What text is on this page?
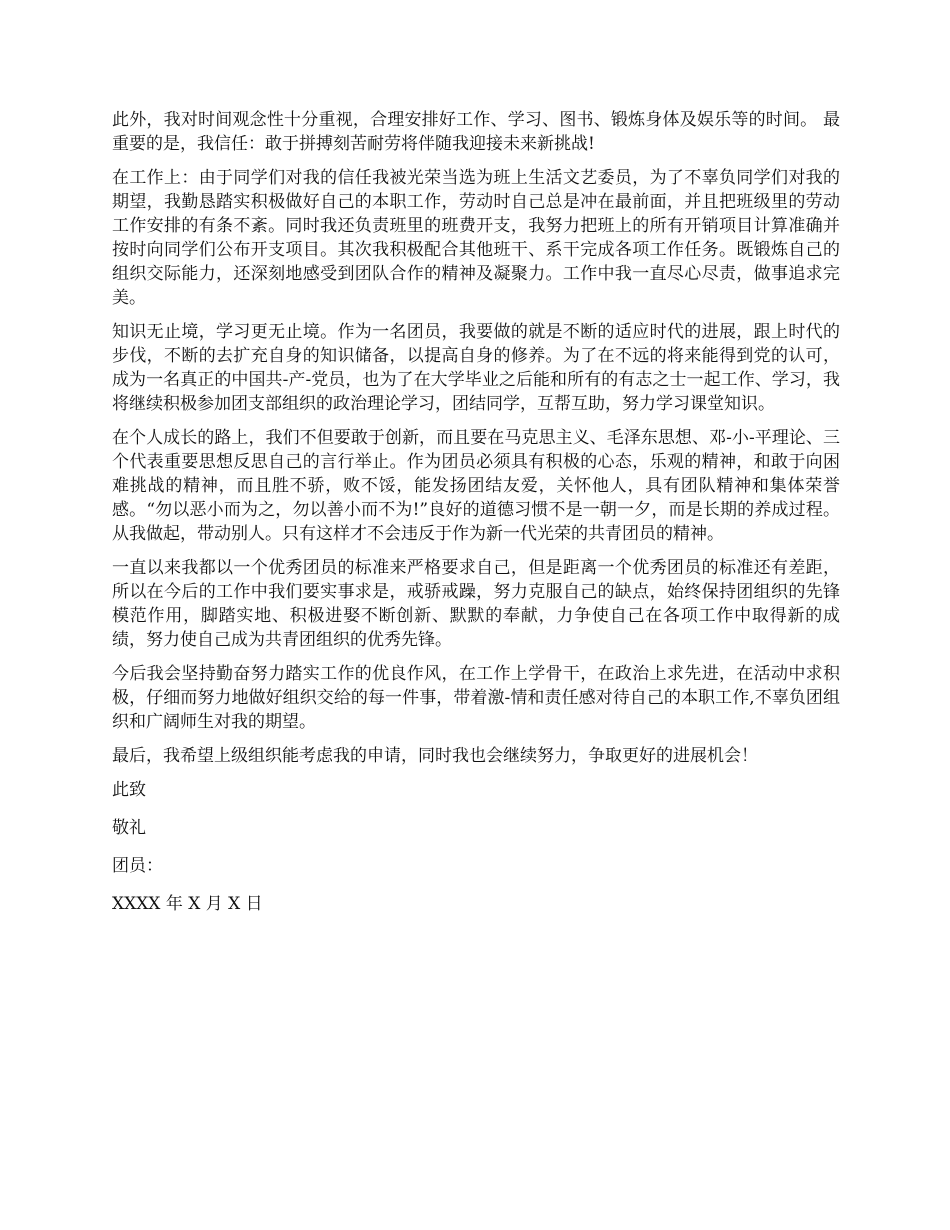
此外，我对时间观念性十分重视，合理安排好工作、学习、图书、锻炼身体及娱乐等的时间。 最重要的是，我信任：敢于拼搏刻苦耐劳将伴随我迎接未来新挑战!

在工作上：由于同学们对我的信任我被光荣当选为班上生活文艺委员，为了不辜负同学们对我的期望，我勤恳踏实积极做好自己的本职工作，劳动时自己总是冲在最前面，并且把班级里的劳动工作安排的有条不紊。同时我还负责班里的班费开支，我努力把班上的所有开销项目计算准确并按时向同学们公布开支项目。其次我积极配合其他班干、系干完成各项工作任务。既锻炼自己的组织交际能力，还深刻地感受到团队合作的精神及凝聚力。工作中我一直尽心尽责，做事追求完美。

知识无止境，学习更无止境。作为一名团员，我要做的就是不断的适应时代的进展，跟上时代的步伐，不断的去扩充自身的知识储备，以提高自身的修养。为了在不远的将来能得到党的认可，成为一名真正的中国共-产-党员，也为了在大学毕业之后能和所有的有志之士一起工作、学习，我将继续积极参加团支部组织的政治理论学习，团结同学，互帮互助，努力学习课堂知识。

在个人成长的路上，我们不但要敢于创新，而且要在马克思主义、毛泽东思想、邓-小-平理论、三个代表重要思想反思自己的言行举止。作为团员必须具有积极的心态，乐观的精神，和敢于向困难挑战的精神，而且胜不骄，败不馁，能发扬团结友爱，关怀他人，具有团队精神和集体荣誉感。“勿以恶小而为之，勿以善小而不为!”良好的道德习惯不是一朝一夕，而是长期的养成过程。从我做起，带动别人。只有这样才不会违反于作为新一代光荣的共青团员的精神。

一直以来我都以一个优秀团员的标准来严格要求自己，但是距离一个优秀团员的标准还有差距，所以在今后的工作中我们要实事求是，戒骄戒躁，努力克服自己的缺点，始终保持团组织的先锋模范作用，脚踏实地、积极进娶不断创新、默默的奉献，力争使自己在各项工作中取得新的成绩，努力使自己成为共青团组织的优秀先锋。

今后我会坚持勤奋努力踏实工作的优良作风，在工作上学骨干，在政治上求先进，在活动中求积极，仔细而努力地做好组织交给的每一件事，带着激-情和责任感对待自己的本职工作,不辜负团组织和广阔师生对我的期望。

最后，我希望上级组织能考虑我的申请，同时我也会继续努力，争取更好的进展机会！

此致

敬礼

团员：

XXXX 年 X 月 X 日
